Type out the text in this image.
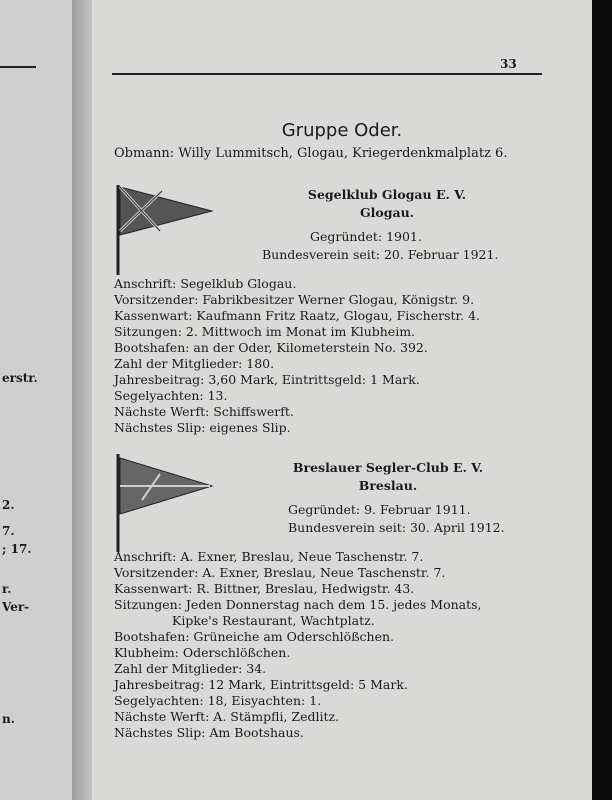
erstr.
2.
7.
; 17.
r.
Ver-
n.
33
Gruppe Oder.
Obmann: Willy Lummitsch, Glogau, Kriegerdenkmalplatz 6.
Segelklub Glogau E. V.
Glogau.
Gegründet: 1901.
Bundesverein seit: 20. Februar 1921.
Anschrift: Segelklub Glogau.
Vorsitzender: Fabrikbesitzer Werner Glogau, Königstr. 9.
Kassenwart: Kaufmann Fritz Raatz, Glogau, Fischerstr. 4.
Sitzungen: 2. Mittwoch im Monat im Klubheim.
Bootshafen: an der Oder, Kilometerstein No. 392.
Zahl der Mitglieder: 180.
Jahresbeitrag: 3,60 Mark, Eintrittsgeld: 1 Mark.
Segelyachten: 13.
Nächste Werft: Schiffswerft.
Nächstes Slip: eigenes Slip.
Breslauer Segler-Club E. V.
Breslau.
Gegründet: 9. Februar 1911.
Bundesverein seit: 30. April 1912.
Anschrift: A. Exner, Breslau, Neue Taschenstr. 7.
Vorsitzender: A. Exner, Breslau, Neue Taschenstr. 7.
Kassenwart: R. Bittner, Breslau, Hedwigstr. 43.
Sitzungen: Jeden Donnerstag nach dem 15. jedes Monats,
Kipke's Restaurant, Wachtplatz.
Bootshafen: Grüneiche am Oderschlößchen.
Klubheim: Oderschlößchen.
Zahl der Mitglieder: 34.
Jahresbeitrag: 12 Mark, Eintrittsgeld: 5 Mark.
Segelyachten: 18, Eisyachten: 1.
Nächste Werft: A. Stämpfli, Zedlitz.
Nächstes Slip: Am Bootshaus.
